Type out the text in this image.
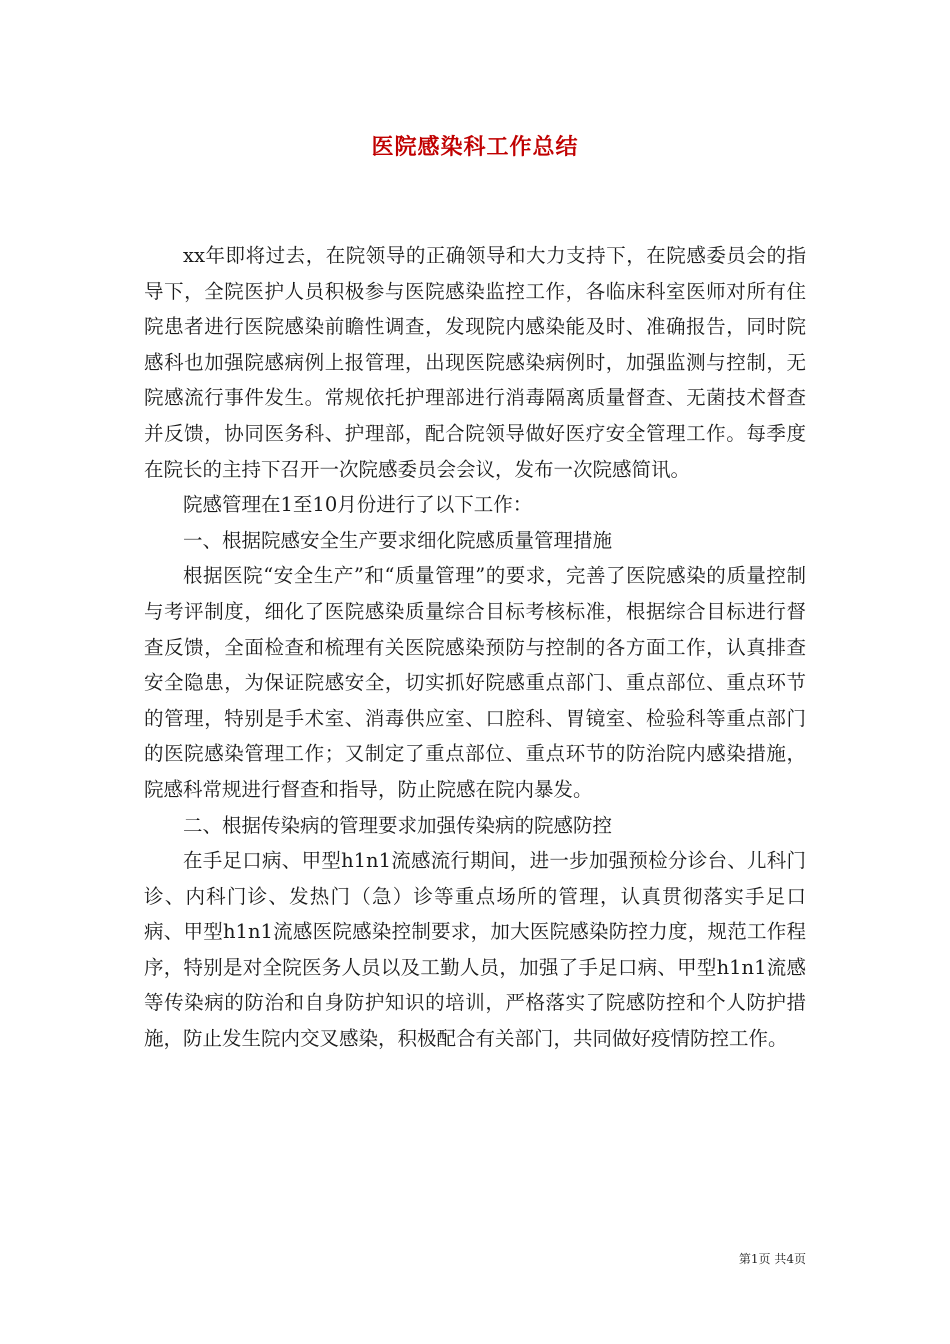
医院感染科工作总结

xx年即将过去，在院领导的正确领导和大力支持下，在院感委员会的指导下，全院医护人员积极参与医院感染监控工作，各临床科室医师对所有住院患者进行医院感染前瞻性调查，发现院内感染能及时、准确报告，同时院感科也加强院感病例上报管理，出现医院感染病例时，加强监测与控制，无院感流行事件发生。常规依托护理部进行消毒隔离质量督查、无菌技术督查并反馈，协同医务科、护理部，配合院领导做好医疗安全管理工作。每季度在院长的主持下召开一次院感委员会会议，发布一次院感简讯。

院感管理在1至10月份进行了以下工作：

一、根据院感安全生产要求细化院感质量管理措施

根据医院“安全生产”和“质量管理”的要求，完善了医院感染的质量控制与考评制度，细化了医院感染质量综合目标考核标准，根据综合目标进行督查反馈，全面检查和梳理有关医院感染预防与控制的各方面工作，认真排查安全隐患，为保证院感安全，切实抓好院感重点部门、重点部位、重点环节的管理，特别是手术室、消毒供应室、口腔科、胃镜室、检验科等重点部门的医院感染管理工作；又制定了重点部位、重点环节的防治院内感染措施，院感科常规进行督查和指导，防止院感在院内暴发。

二、根据传染病的管理要求加强传染病的院感防控

在手足口病、甲型h1n1流感流行期间，进一步加强预检分诊台、儿科门诊、内科门诊、发热门（急）诊等重点场所的管理，认真贯彻落实手足口病、甲型h1n1流感医院感染控制要求，加大医院感染防控力度，规范工作程序，特别是对全院医务人员以及工勤人员，加强了手足口病、甲型h1n1流感等传染病的防治和自身防护知识的培训，严格落实了院感防控和个人防护措施，防止发生院内交叉感染，积极配合有关部门，共同做好疫情防控工作。

第1页 共4页
